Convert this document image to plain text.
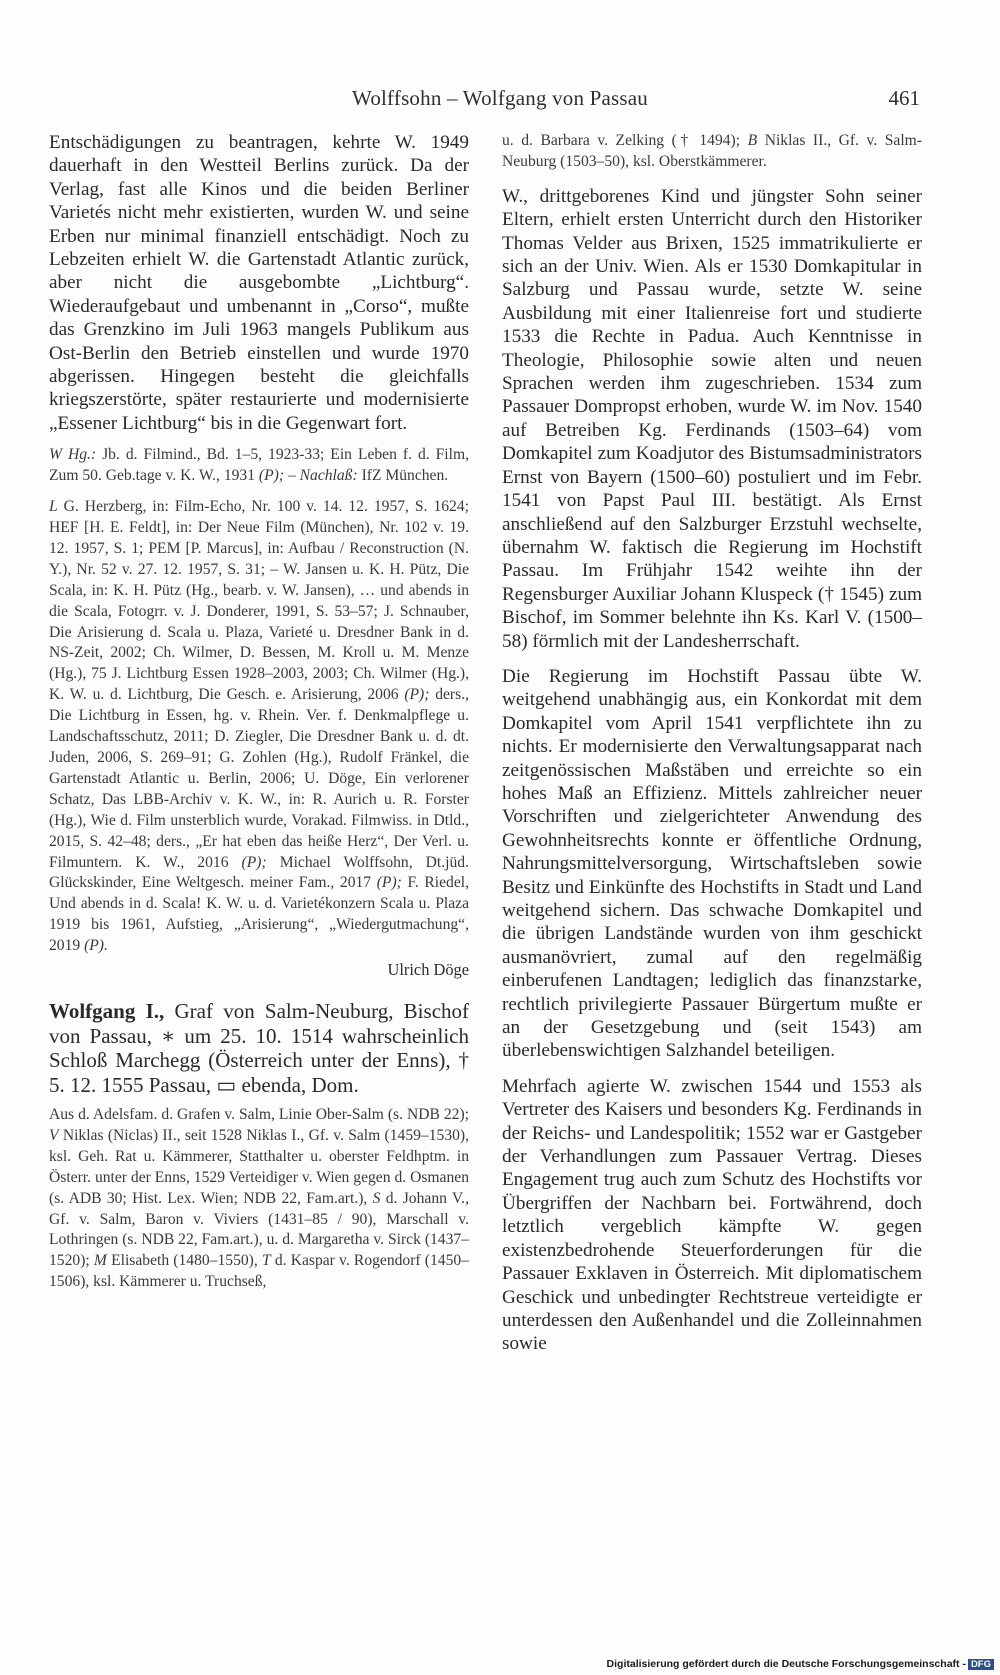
Wolffsohn – Wolfgang von Passau	461

Entschädigungen zu beantragen, kehrte W. 1949 dauerhaft in den Westteil Berlins zurück. Da der Verlag, fast alle Kinos und die beiden Berliner Varietés nicht mehr existierten, wurden W. und seine Erben nur minimal finanziell entschädigt. Noch zu Lebzeiten erhielt W. die Gartenstadt Atlantic zurück, aber nicht die ausgebombte „Lichtburg“. Wiederaufgebaut und umbenannt in „Corso“, mußte das Grenzkino im Juli 1963 mangels Publikum aus Ost-Berlin den Betrieb einstellen und wurde 1970 abgerissen. Hingegen besteht die gleichfalls kriegszerstörte, später restaurierte und modernisierte „Essener Lichtburg“ bis in die Gegenwart fort.

W Hg.: Jb. d. Filmind., Bd. 1–5, 1923-33; Ein Leben f. d. Film, Zum 50. Geb.tage v. K. W., 1931 (P); – Nachlaß: IfZ München.

L G. Herzberg, in: Film-Echo, Nr. 100 v. 14. 12. 1957, S. 1624; HEF [H. E. Feldt], in: Der Neue Film (München), Nr. 102 v. 19. 12. 1957, S. 1; PEM [P. Marcus], in: Aufbau / Reconstruction (N. Y.), Nr. 52 v. 27. 12. 1957, S. 31; – W. Jansen u. K. H. Pütz, Die Scala, in: K. H. Pütz (Hg., bearb. v. W. Jansen), … und abends in die Scala, Fotogrr. v. J. Donderer, 1991, S. 53–57; J. Schnauber, Die Arisierung d. Scala u. Plaza, Varieté u. Dresdner Bank in d. NS-Zeit, 2002; Ch. Wilmer, D. Bessen, M. Kroll u. M. Menze (Hg.), 75 J. Lichtburg Essen 1928–2003, 2003; Ch. Wilmer (Hg.), K. W. u. d. Lichtburg, Die Gesch. e. Arisierung, 2006 (P); ders., Die Lichtburg in Essen, hg. v. Rhein. Ver. f. Denkmalpflege u. Landschaftsschutz, 2011; D. Ziegler, Die Dresdner Bank u. d. dt. Juden, 2006, S. 269–91; G. Zohlen (Hg.), Rudolf Fränkel, die Gartenstadt Atlantic u. Berlin, 2006; U. Döge, Ein verlorener Schatz, Das LBB-Archiv v. K. W., in: R. Aurich u. R. Forster (Hg.), Wie d. Film unsterblich wurde, Vorakad. Filmwiss. in Dtld., 2015, S. 42–48; ders., „Er hat eben das heiße Herz“, Der Verl. u. Filmuntern. K. W., 2016 (P); Michael Wolffsohn, Dt.jüd. Glückskinder, Eine Weltgesch. meiner Fam., 2017 (P); F. Riedel, Und abends in d. Scala! K. W. u. d. Varietékonzern Scala u. Plaza 1919 bis 1961, Aufstieg, „Arisierung“, „Wiedergutmachung“, 2019 (P).

Ulrich Döge

Wolfgang I., Graf von Salm-Neuburg, Bischof von Passau, ∗ um 25. 10. 1514 wahrscheinlich Schloß Marchegg (Österreich unter der Enns), † 5. 12. 1555 Passau, ▭ ebenda, Dom.

Aus d. Adelsfam. d. Grafen v. Salm, Linie Ober-Salm (s. NDB 22); V Niklas (Niclas) II., seit 1528 Niklas I., Gf. v. Salm (1459–1530), ksl. Geh. Rat u. Kämmerer, Statthalter u. oberster Feldhptm. in Österr. unter der Enns, 1529 Verteidiger v. Wien gegen d. Osmanen (s. ADB 30; Hist. Lex. Wien; NDB 22, Fam.art.), S d. Johann V., Gf. v. Salm, Baron v. Viviers (1431–85 / 90), Marschall v. Lothringen (s. NDB 22, Fam.art.), u. d. Margaretha v. Sirck (1437–1520); M Elisabeth (1480–1550), T d. Kaspar v. Rogendorf (1450–1506), ksl. Kämmerer u. Truchseß,

u. d. Barbara v. Zelking († 1494); B Niklas II., Gf. v. Salm-Neuburg (1503–50), ksl. Oberstkämmerer.

W., drittgeborenes Kind und jüngster Sohn seiner Eltern, erhielt ersten Unterricht durch den Historiker Thomas Velder aus Brixen, 1525 immatrikulierte er sich an der Univ. Wien. Als er 1530 Domkapitular in Salzburg und Passau wurde, setzte W. seine Ausbildung mit einer Italienreise fort und studierte 1533 die Rechte in Padua. Auch Kenntnisse in Theologie, Philosophie sowie alten und neuen Sprachen werden ihm zugeschrieben. 1534 zum Passauer Dompropst erhoben, wurde W. im Nov. 1540 auf Betreiben Kg. Ferdinands (1503–64) vom Domkapitel zum Koadjutor des Bistumsadministrators Ernst von Bayern (1500–60) postuliert und im Febr. 1541 von Papst Paul III. bestätigt. Als Ernst anschließend auf den Salzburger Erzstuhl wechselte, übernahm W. faktisch die Regierung im Hochstift Passau. Im Frühjahr 1542 weihte ihn der Regensburger Auxiliar Johann Kluspeck († 1545) zum Bischof, im Sommer belehnte ihn Ks. Karl V. (1500–58) förmlich mit der Landesherrschaft.

Die Regierung im Hochstift Passau übte W. weitgehend unabhängig aus, ein Konkordat mit dem Domkapitel vom April 1541 verpflichtete ihn zu nichts. Er modernisierte den Verwaltungsapparat nach zeitgenössischen Maßstäben und erreichte so ein hohes Maß an Effizienz. Mittels zahlreicher neuer Vorschriften und zielgerichteter Anwendung des Gewohnheitsrechts konnte er öffentliche Ordnung, Nahrungsmittelversorgung, Wirtschaftsleben sowie Besitz und Einkünfte des Hochstifts in Stadt und Land weitgehend sichern. Das schwache Domkapitel und die übrigen Landstände wurden von ihm geschickt ausmanövriert, zumal auf den regelmäßig einberufenen Landtagen; lediglich das finanzstarke, rechtlich privilegierte Passauer Bürgertum mußte er an der Gesetzgebung und (seit 1543) am überlebenswichtigen Salzhandel beteiligen.

Mehrfach agierte W. zwischen 1544 und 1553 als Vertreter des Kaisers und besonders Kg. Ferdinands in der Reichs- und Landespolitik; 1552 war er Gastgeber der Verhandlungen zum Passauer Vertrag. Dieses Engagement trug auch zum Schutz des Hochstifts vor Übergriffen der Nachbarn bei. Fortwährend, doch letztlich vergeblich kämpfte W. gegen existenzbedrohende Steuerforderungen für die Passauer Exklaven in Österreich. Mit diplomatischem Geschick und unbedingter Rechtstreue verteidigte er unterdessen den Außenhandel und die Zolleinnahmen sowie

Digitalisierung gefördert durch die Deutsche Forschungsgemeinschaft - DFG
